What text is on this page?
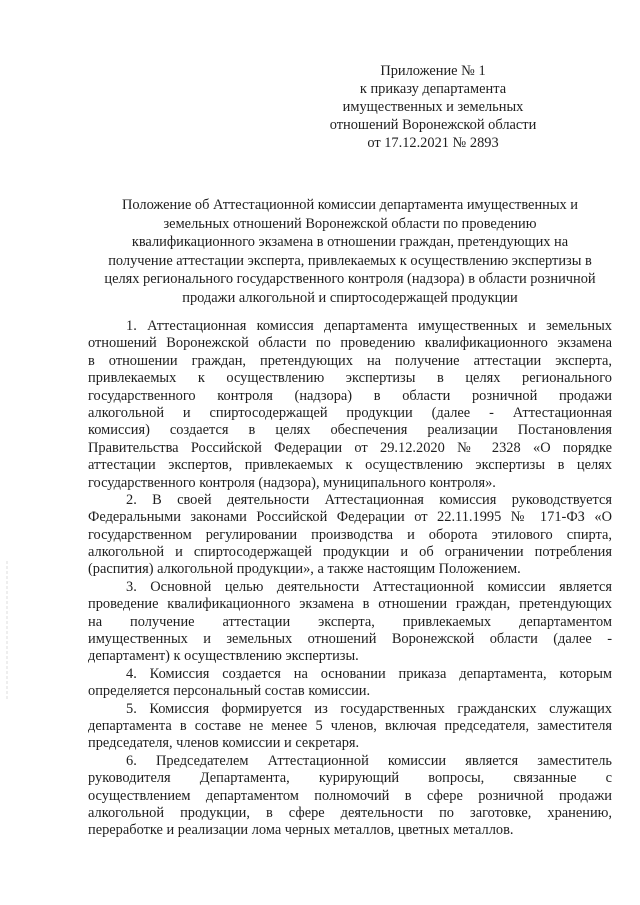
Приложение № 1
к приказу департамента
имущественных и земельных
отношений Воронежской области
от 17.12.2021 № 2893
Положение об Аттестационной комиссии департамента имущественных и
земельных отношений Воронежской области по проведению
квалификационного экзамена в отношении граждан, претендующих на
получение аттестации эксперта, привлекаемых к осуществлению экспертизы в
целях регионального государственного контроля (надзора) в области розничной
продажи алкогольной и спиртосодержащей продукции
1. Аттестационная комиссия департамента имущественных и земельных
отношений Воронежской области по проведению квалификационного экзамена
в отношении граждан, претендующих на получение аттестации эксперта,
привлекаемых к осуществлению экспертизы в целях регионального
государственного контроля (надзора) в области розничной продажи
алкогольной и спиртосодержащей продукции (далее - Аттестационная
комиссия) создается в целях обеспечения реализации Постановления
Правительства Российской Федерации от 29.12.2020 № 2328 «О порядке
аттестации экспертов, привлекаемых к осуществлению экспертизы в целях
государственного контроля (надзора), муниципального контроля».
2. В своей деятельности Аттестационная комиссия руководствуется
Федеральными законами Российской Федерации от 22.11.1995 № 171-ФЗ «О
государственном регулировании производства и оборота этилового спирта,
алкогольной и спиртосодержащей продукции и об ограничении потребления
(распития) алкогольной продукции», а также настоящим Положением.
3. Основной целью деятельности Аттестационной комиссии является
проведение квалификационного экзамена в отношении граждан, претендующих
на получение аттестации эксперта, привлекаемых департаментом
имущественных и земельных отношений Воронежской области (далее -
департамент) к осуществлению экспертизы.
4. Комиссия создается на основании приказа департамента, которым
определяется персональный состав комиссии.
5. Комиссия формируется из государственных гражданских служащих
департамента в составе не менее 5 членов, включая председателя, заместителя
председателя, членов комиссии и секретаря.
6. Председателем Аттестационной комиссии является заместитель
руководителя Департамента, курирующий вопросы, связанные с
осуществлением департаментом полномочий в сфере розничной продажи
алкогольной продукции, в сфере деятельности по заготовке, хранению,
переработке и реализации лома черных металлов, цветных металлов.
